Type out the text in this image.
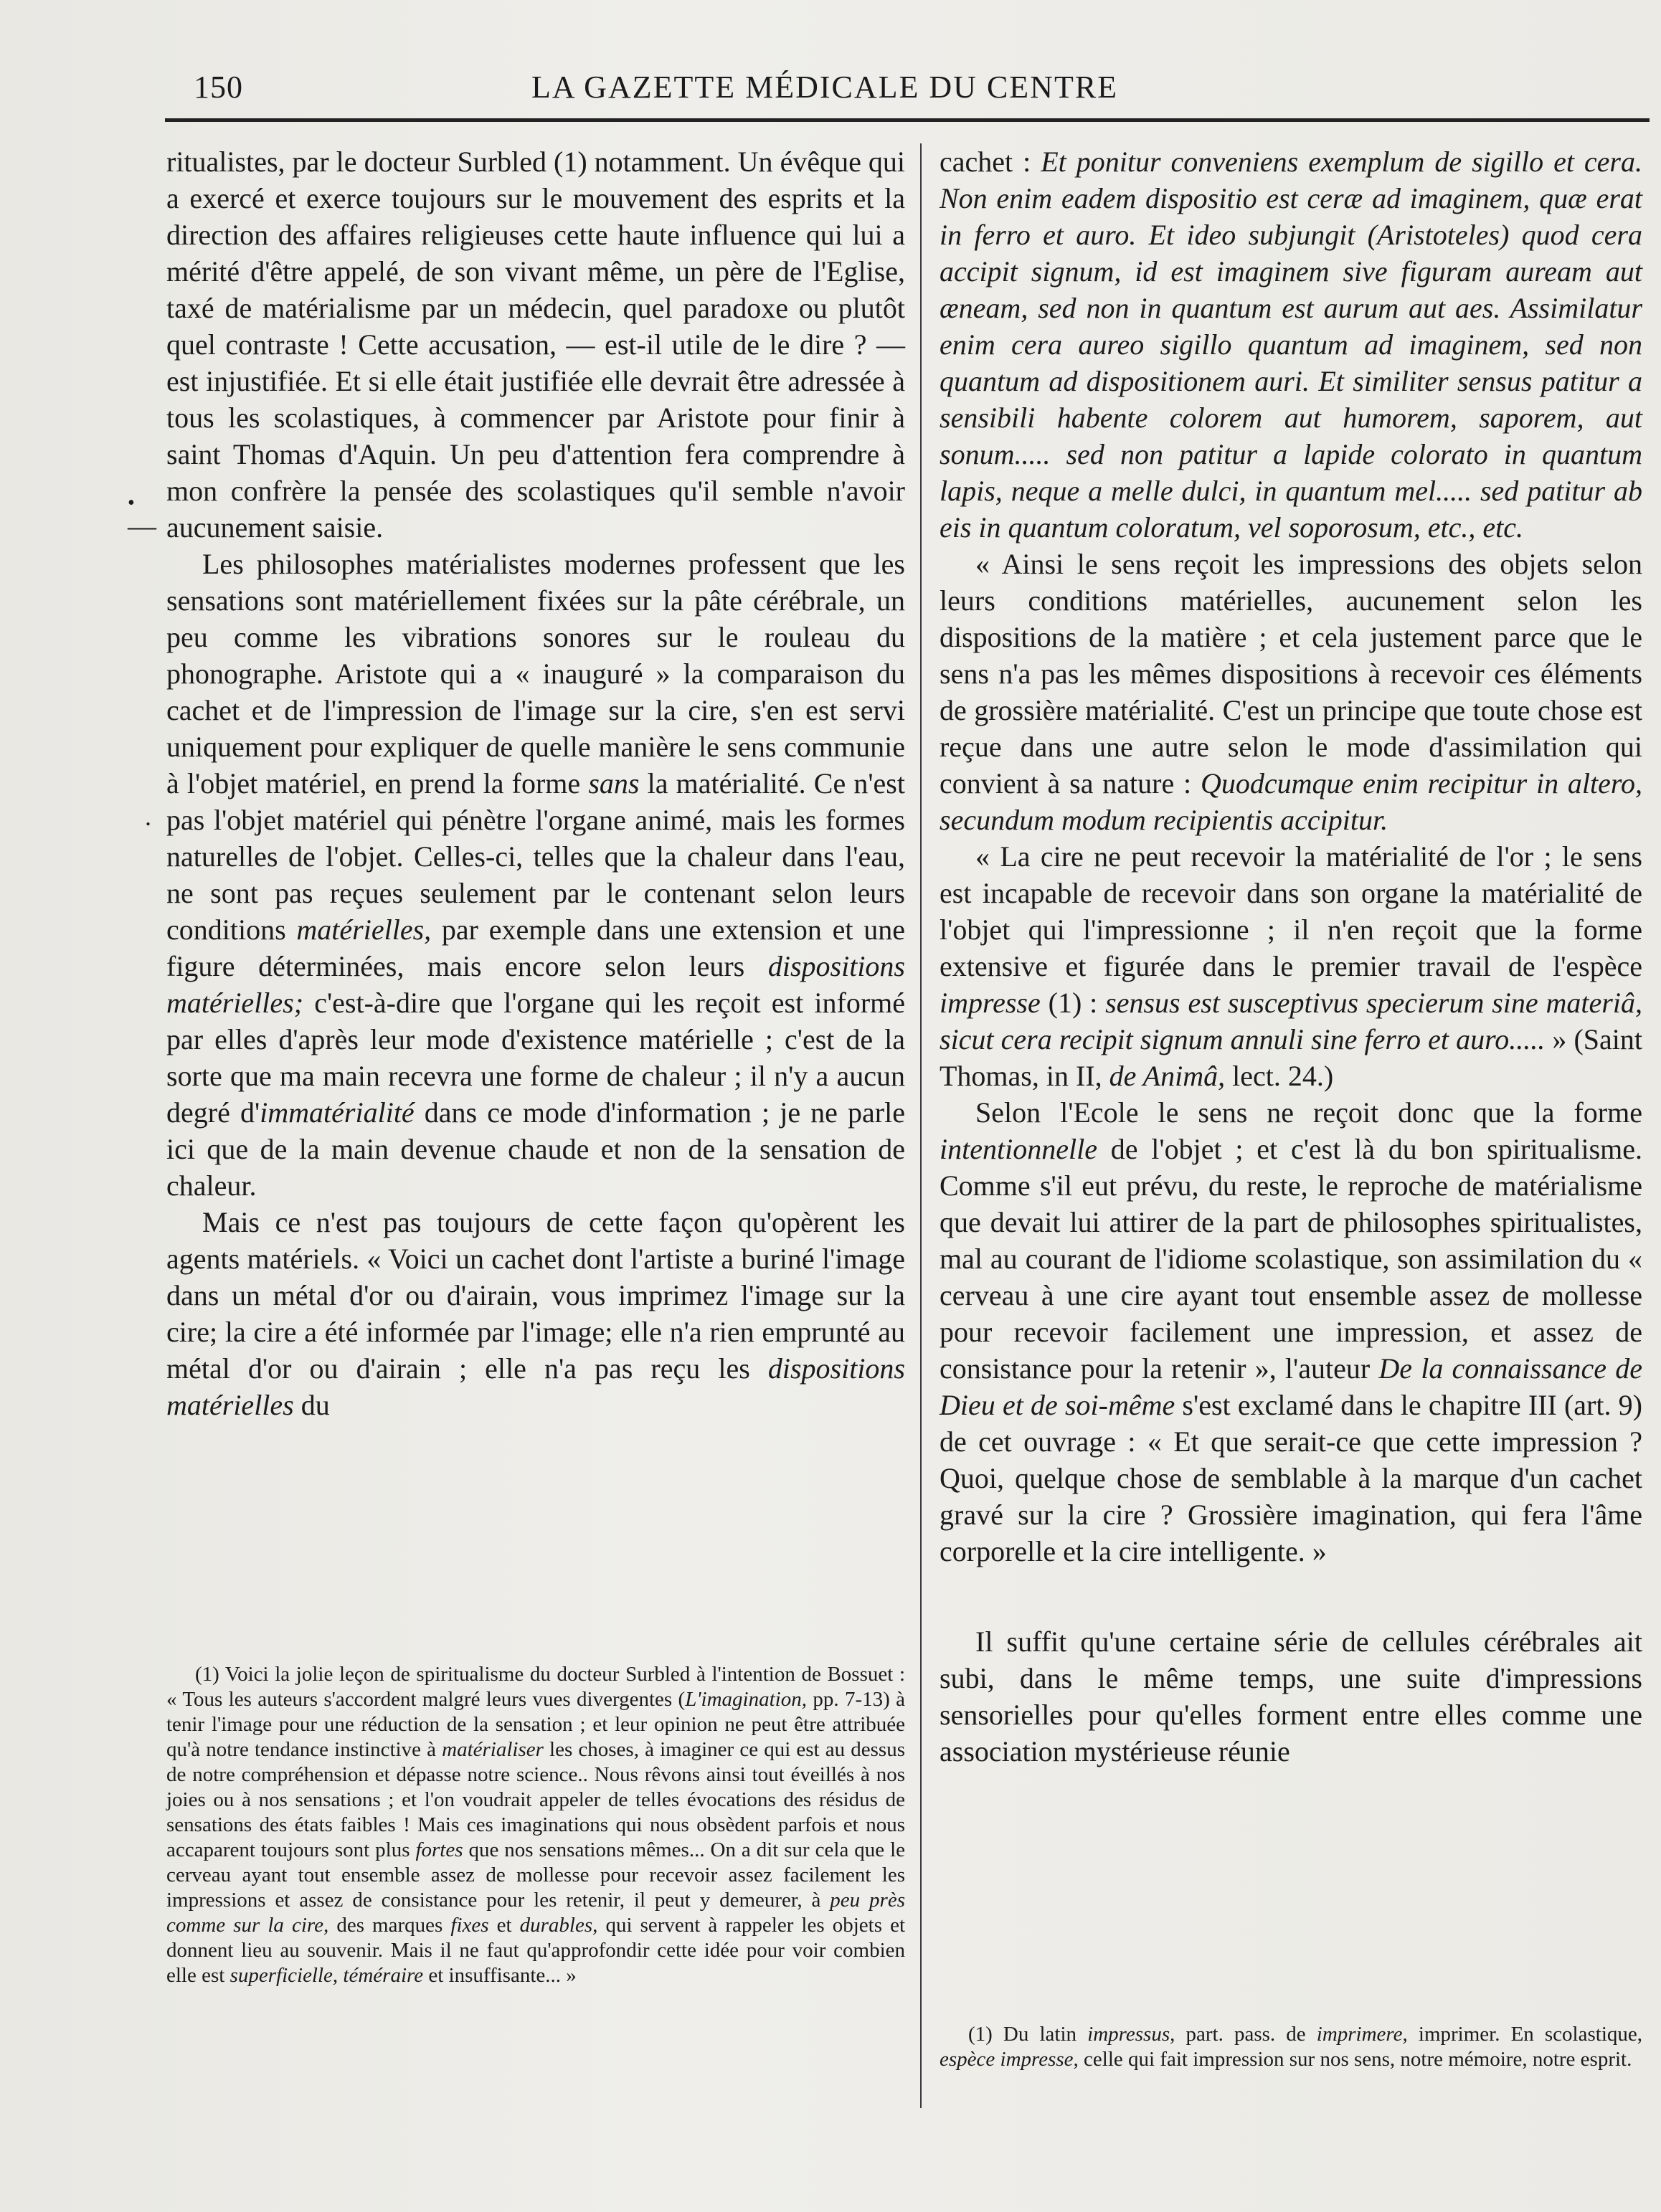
150	LA GAZETTE MÉDICALE DU CENTRE
•
—
.

ritualistes, par le docteur Surbled (1) notamment. Un évêque qui a exercé et exerce toujours sur le mouvement des esprits et la direction des affaires religieuses cette haute influence qui lui a mérité d'être appelé, de son vivant même, un père de l'Eglise, taxé de matérialisme par un médecin, quel paradoxe ou plutôt quel contraste ! Cette accusation, — est-il utile de le dire ? — est injustifiée. Et si elle était justifiée elle devrait être adressée à tous les scolastiques, à commencer par Aristote pour finir à saint Thomas d'Aquin. Un peu d'attention fera comprendre à mon confrère la pensée des scolastiques qu'il semble n'avoir aucunement saisie.

Les philosophes matérialistes modernes professent que les sensations sont matériellement fixées sur la pâte cérébrale, un peu comme les vibrations sonores sur le rouleau du phonographe. Aristote qui a « inauguré » la comparaison du cachet et de l'impression de l'image sur la cire, s'en est servi uniquement pour expliquer de quelle manière le sens communie à l'objet matériel, en prend la forme sans la matérialité. Ce n'est pas l'objet matériel qui pénètre l'organe animé, mais les formes naturelles de l'objet. Celles-ci, telles que la chaleur dans l'eau, ne sont pas reçues seulement par le contenant selon leurs conditions matérielles, par exemple dans une extension et une figure déterminées, mais encore selon leurs dispositions matérielles; c'est-à-dire que l'organe qui les reçoit est informé par elles d'après leur mode d'existence matérielle ; c'est de la sorte que ma main recevra une forme de chaleur ; il n'y a aucun degré d'immatérialité dans ce mode d'information ; je ne parle ici que de la main devenue chaude et non de la sensation de chaleur.

Mais ce n'est pas toujours de cette façon qu'opèrent les agents matériels. « Voici un cachet dont l'artiste a buriné l'image dans un métal d'or ou d'airain, vous imprimez l'image sur la cire; la cire a été informée par l'image; elle n'a rien emprunté au métal d'or ou d'airain ; elle n'a pas reçu les dispositions matérielles du

(1) Voici la jolie leçon de spiritualisme du docteur Surbled à l'intention de Bossuet : « Tous les auteurs s'accordent malgré leurs vues divergentes (L'imagination, pp. 7-13) à tenir l'image pour une réduction de la sensation ; et leur opinion ne peut être attribuée qu'à notre tendance instinctive à matérialiser les choses, à imaginer ce qui est au dessus de notre compréhension et dépasse notre science.. Nous rêvons ainsi tout éveillés à nos joies ou à nos sensations ; et l'on voudrait appeler de telles évocations des résidus de sensations des états faibles ! Mais ces imaginations qui nous obsèdent parfois et nous accaparent toujours sont plus fortes que nos sensations mêmes... On a dit sur cela que le cerveau ayant tout ensemble assez de mollesse pour recevoir assez facilement les impressions et assez de consistance pour les retenir, il peut y demeurer, à peu près comme sur la cire, des marques fixes et durables, qui servent à rappeler les objets et donnent lieu au souvenir. Mais il ne faut qu'approfondir cette idée pour voir combien elle est superficielle, téméraire et insuffisante... »

cachet : Et ponitur conveniens exemplum de sigillo et cera. Non enim eadem dispositio est ceræ ad imaginem, quæ erat in ferro et auro. Et ideo subjungit (Aristoteles) quod cera accipit signum, id est imaginem sive figuram auream aut æneam, sed non in quantum est aurum aut aes. Assimilatur enim cera aureo sigillo quantum ad imaginem, sed non quantum ad dispositionem auri. Et similiter sensus patitur a sensibili habente colorem aut humorem, saporem, aut sonum..... sed non patitur a lapide colorato in quantum lapis, neque a melle dulci, in quantum mel..... sed patitur ab eis in quantum coloratum, vel soporosum, etc., etc.

« Ainsi le sens reçoit les impressions des objets selon leurs conditions matérielles, aucunement selon les dispositions de la matière ; et cela justement parce que le sens n'a pas les mêmes dispositions à recevoir ces éléments de grossière matérialité. C'est un principe que toute chose est reçue dans une autre selon le mode d'assimilation qui convient à sa nature : Quodcumque enim recipitur in altero, secundum modum recipientis accipitur.

« La cire ne peut recevoir la matérialité de l'or ; le sens est incapable de recevoir dans son organe la matérialité de l'objet qui l'impressionne ; il n'en reçoit que la forme extensive et figurée dans le premier travail de l'espèce impresse (1) : sensus est susceptivus specierum sine materiâ, sicut cera recipit signum annuli sine ferro et auro..... » (Saint Thomas, in II, de Animâ, lect. 24.)

Selon l'Ecole le sens ne reçoit donc que la forme intentionnelle de l'objet ; et c'est là du bon spiritualisme. Comme s'il eut prévu, du reste, le reproche de matérialisme que devait lui attirer de la part de philosophes spiritualistes, mal au courant de l'idiome scolastique, son assimilation du « cerveau à une cire ayant tout ensemble assez de mollesse pour recevoir facilement une impression, et assez de consistance pour la retenir », l'auteur De la connaissance de Dieu et de soi-même s'est exclamé dans le chapitre III (art. 9) de cet ouvrage : « Et que serait-ce que cette impression ? Quoi, quelque chose de semblable à la marque d'un cachet gravé sur la cire ? Grossière imagination, qui fera l'âme corporelle et la cire intelligente. »

Il suffit qu'une certaine série de cellules cérébrales ait subi, dans le même temps, une suite d'impressions sensorielles pour qu'elles forment entre elles comme une association mystérieuse réunie

(1) Du latin impressus, part. pass. de imprimere, imprimer. En scolastique, espèce impresse, celle qui fait impression sur nos sens, notre mémoire, notre esprit.
